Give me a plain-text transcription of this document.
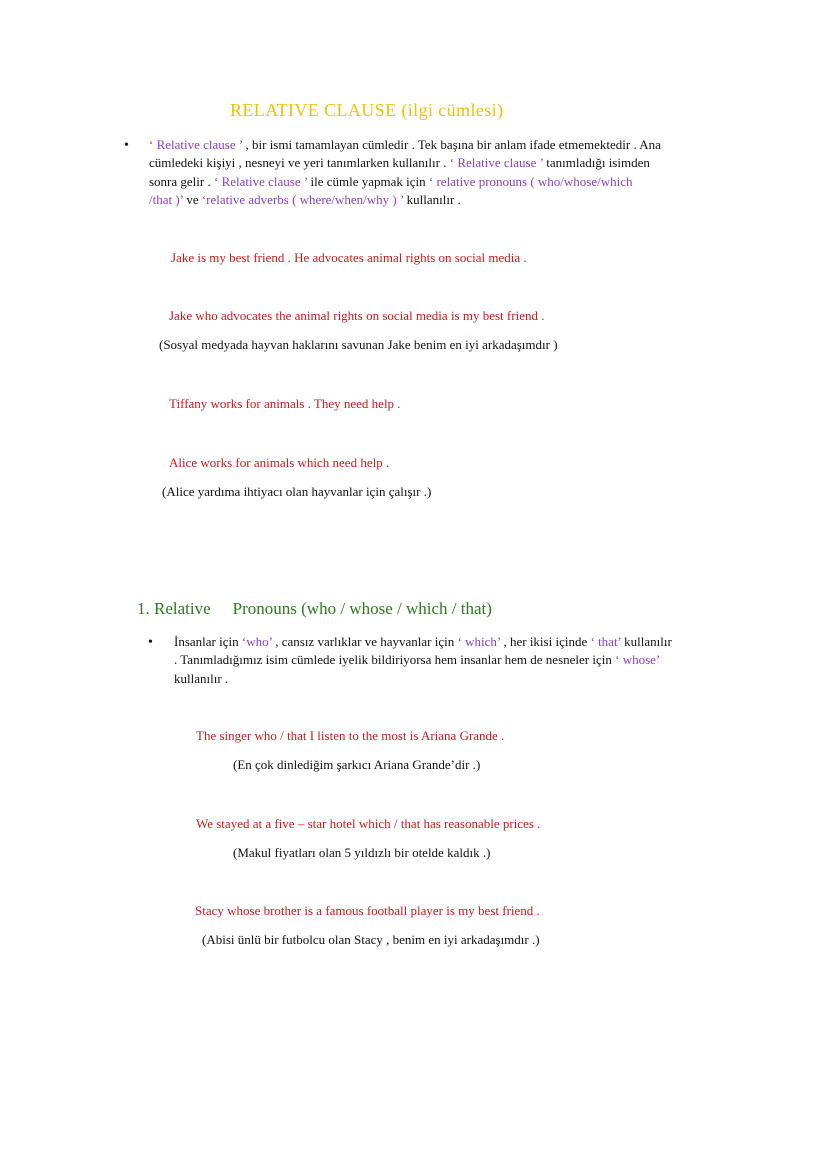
RELATIVE CLAUSE (ilgi cümlesi)
• ‘ Relative clause ’ , bir ismi tamamlayan cümledir . Tek başına bir anlam ifade etmemektedir . Ana
cümledeki kişiyi , nesneyi ve yeri tanımlarken kullanılır . ‘ Relative clause ’ tanımladığı isimden
sonra gelir . ‘ Relative clause ’ ile cümle yapmak için ‘ relative pronouns ( who/whose/which
/that )’ ve ‘relative adverbs ( where/when/why ) ’ kullanılır .
Jake is my best friend . He advocates animal rights on social media .
Jake who advocates the animal rights on social media is my best friend .
(Sosyal medyada hayvan haklarını savunan Jake benim en iyi arkadaşımdır )
Tiffany works for animals . They need help .
Alice works for animals which need help .
(Alice yardıma ihtiyacı olan hayvanlar için çalışır .)
1. Relative Pronouns (who / whose / which / that)
• İnsanlar için ‘who’ , cansız varlıklar ve hayvanlar için ‘ which’ , her ikisi içinde ‘ that’ kullanılır
. Tanımladığımız isim cümlede iyelik bildiriyorsa hem insanlar hem de nesneler için ‘ whose’
kullanılır .
The singer who / that I listen to the most is Ariana Grande .
(En çok dinlediğim şarkıcı Ariana Grande’dir .)
We stayed at a five – star hotel which / that has reasonable prices .
(Makul fiyatları olan 5 yıldızlı bir otelde kaldık .)
Stacy whose brother is a famous football player is my best friend .
(Abisi ünlü bir futbolcu olan Stacy , benim en iyi arkadaşımdır .)
